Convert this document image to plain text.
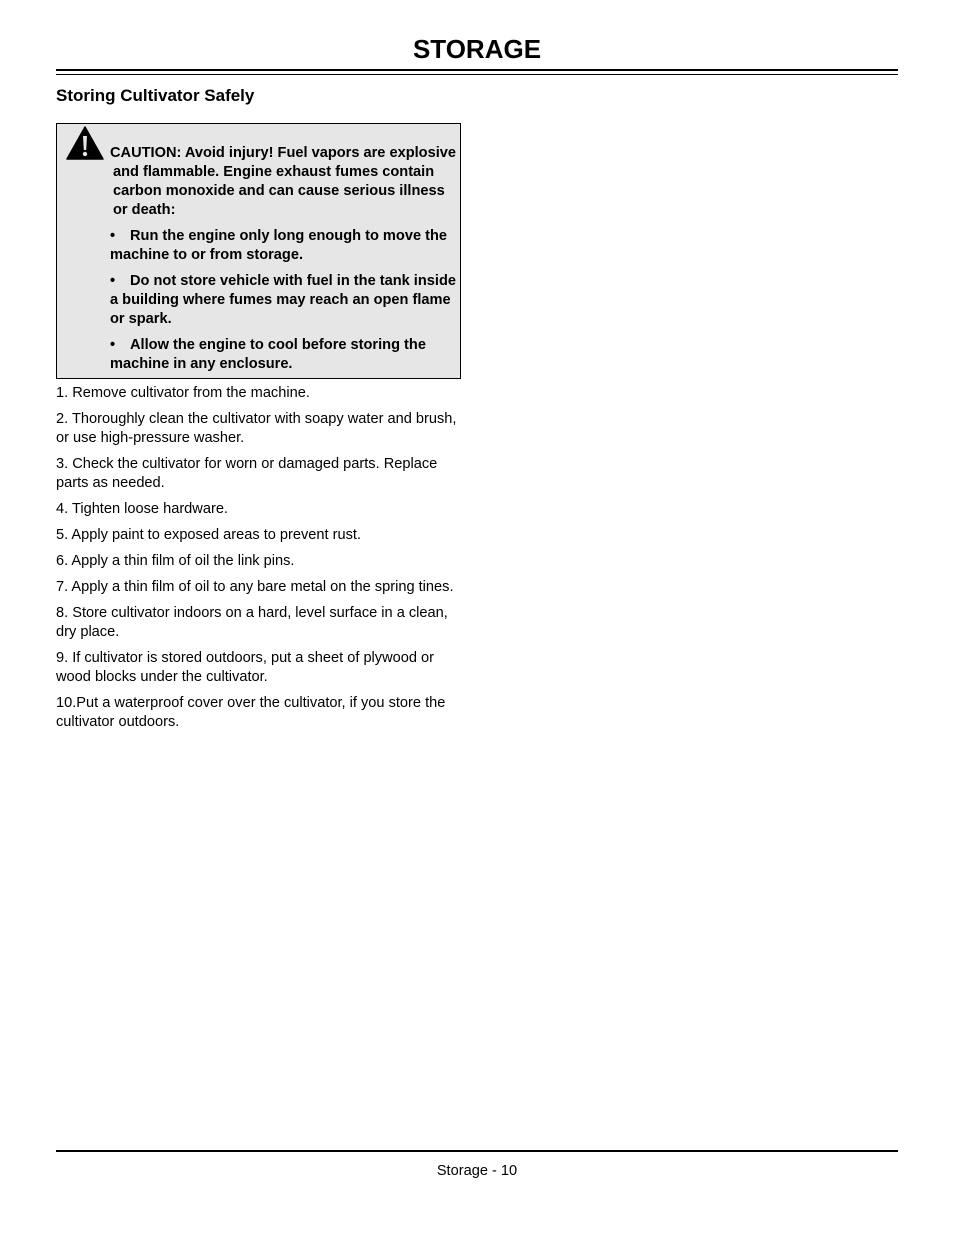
STORAGE
Storing Cultivator Safely

CAUTION: Avoid injury! Fuel vapors are explosive and flammable. Engine exhaust fumes contain carbon monoxide and can cause serious illness or death:

• Run the engine only long enough to move the machine to or from storage.
• Do not store vehicle with fuel in the tank inside a building where fumes may reach an open flame or spark.
• Allow the engine to cool before storing the machine in any enclosure.

1. Remove cultivator from the machine.

2. Thoroughly clean the cultivator with soapy water and brush, or use high-pressure washer.

3. Check the cultivator for worn or damaged parts. Replace parts as needed.

4. Tighten loose hardware.

5. Apply paint to exposed areas to prevent rust.

6. Apply a thin film of oil the link pins.

7. Apply a thin film of oil to any bare metal on the spring tines.

8. Store cultivator indoors on a hard, level surface in a clean, dry place.

9. If cultivator is stored outdoors, put a sheet of plywood or wood blocks under the cultivator.

10.Put a waterproof cover over the cultivator, if you store the cultivator outdoors.

Storage - 10
